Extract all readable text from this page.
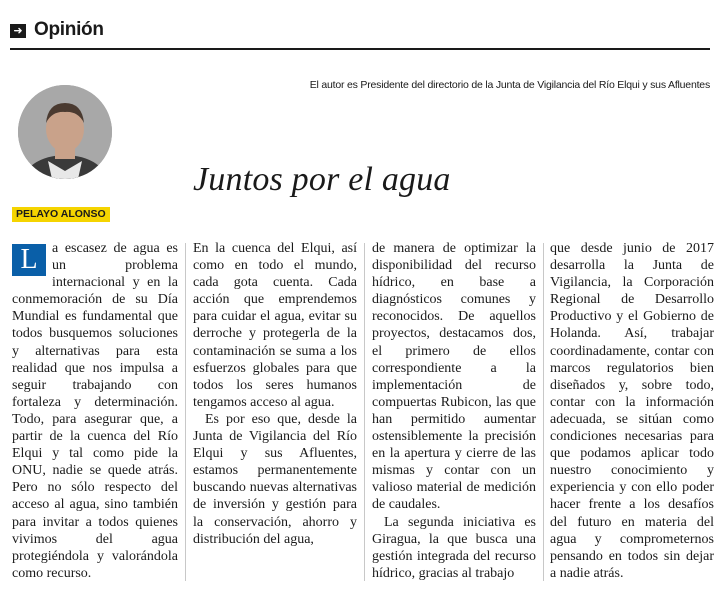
➜ Opinión
El autor es Presidente del directorio de la Junta de Vigilancia del Río Elqui y sus Afluentes
PELAYO ALONSO
Juntos por el agua
L	a escasez de agua es un problema internacional y en la conmemoración de su Día Mundial es fundamental que todos busquemos soluciones y alternativas para esta realidad que nos impulsa a seguir trabajando con fortaleza y determinación. Todo, para asegurar que, a partir de la cuenca del Río Elqui y tal como pide la ONU, nadie se quede atrás. Pero no sólo respecto del acceso al agua, sino también para invitar a todos quienes vivimos del agua protegiéndola y valorándola como recurso.

En la cuenca del Elqui, así como en todo el mundo, cada gota cuenta. Cada acción que emprendemos para cuidar el agua, evitar su derroche y protegerla de la contaminación se suma a los esfuerzos globales para que todos los seres humanos tengamos acceso al agua.

Es por eso que, desde la Junta de Vigilancia del Río Elqui y sus Afluentes, estamos permanentemente buscando nuevas alternativas de inversión y gestión para la conservación, ahorro y distribución del agua,

de manera de optimizar la disponibilidad del recurso hídrico, en base a diagnósticos comunes y reconocidos. De aquellos proyectos, destacamos dos, el primero de ellos correspondiente a la implementación de compuertas Rubicon, las que han permitido aumentar ostensiblemente la precisión en la apertura y cierre de las mismas y contar con un valioso material de medición de caudales.

La segunda iniciativa es Giragua, la que busca una gestión integrada del recurso hídrico, gracias al trabajo

que desde junio de 2017 desarrolla la Junta de Vigilancia, la Corporación Regional de Desarrollo Productivo y el Gobierno de Holanda. Así, trabajar coordinadamente, contar con marcos regulatorios bien diseñados y, sobre todo, contar con la información adecuada, se sitúan como condiciones necesarias para que podamos aplicar todo nuestro conocimiento y experiencia y con ello poder hacer frente a los desafíos del futuro en materia del agua y comprometernos pensando en todos sin dejar a nadie atrás.
